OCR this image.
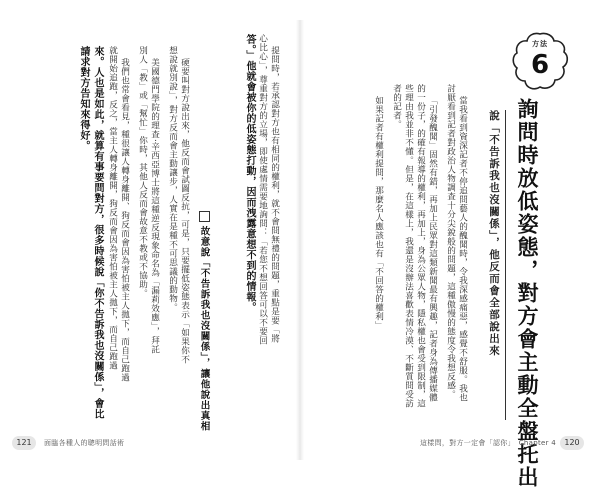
方法
6
詢問時放低姿態，對方會主動全盤托出
說「不告訴我也沒關係」，他反而會全部說出來
當我看到資深記者不停追問藝人的醜聞時，令我深感痛惡，感覺不舒服。我也
討厭看到記者對政治人物調查十分尖銳般的問題，這種傲慢的態度令我想反感。
「引發醜聞」固然有錯，再加上民眾對這類新聞最有興趣，記者身為傳播媒體
的一份子，的確有報導的權利，再加上，身為公眾人物，隱私權也會受到限制，這
些理由我並非不懂。但是，在這樣上，我還是沒辦法喜歡表情冷漠、不斷質問受訪
者的記者。
如果記者有權利提問，那麼名人應該也有「不回答的權利」
這樣問，對方一定會「認你」　Chapter 4	120
提問時，若承認對方也有相同的權利，就不會問無禮的問題，重點是要「將
心比心」，尊重對方的立場，即使處情需要地詢問：「若您不想回答可以不要回
答。」他就會被你的低姿態打動，因而洩露意想不到的情報。
故意說「不告訴我也沒關係」，讓他說出真相
硬要叫對方說出來，他反而會試圖反抗，可是，只要擺低姿態表示「如果你不
想說就別說」，對方反而會主動讓步，人實在是種不可思議的動物。
美國德門學院的理查·辛西亞博士將這種逆反現象命名為「漏莉效應」，拜託
別人「教」或「幫忙」你時，其他人反而會故意不教或不協助。
我們也常會看見，種很讓人轉身離開、狗反而會因為害怕被主人拋下，而自己跑過
就開始追跑，反之，當主人轉身離開，狗反而會因為害怕被主人拋下，而自己跑過
來。人也是如此，就算有事要問對方，很多時候說「你不告訴我也沒關係」，會比
請求對方告知來得好。
121	面臨各種人的聰明問話術
